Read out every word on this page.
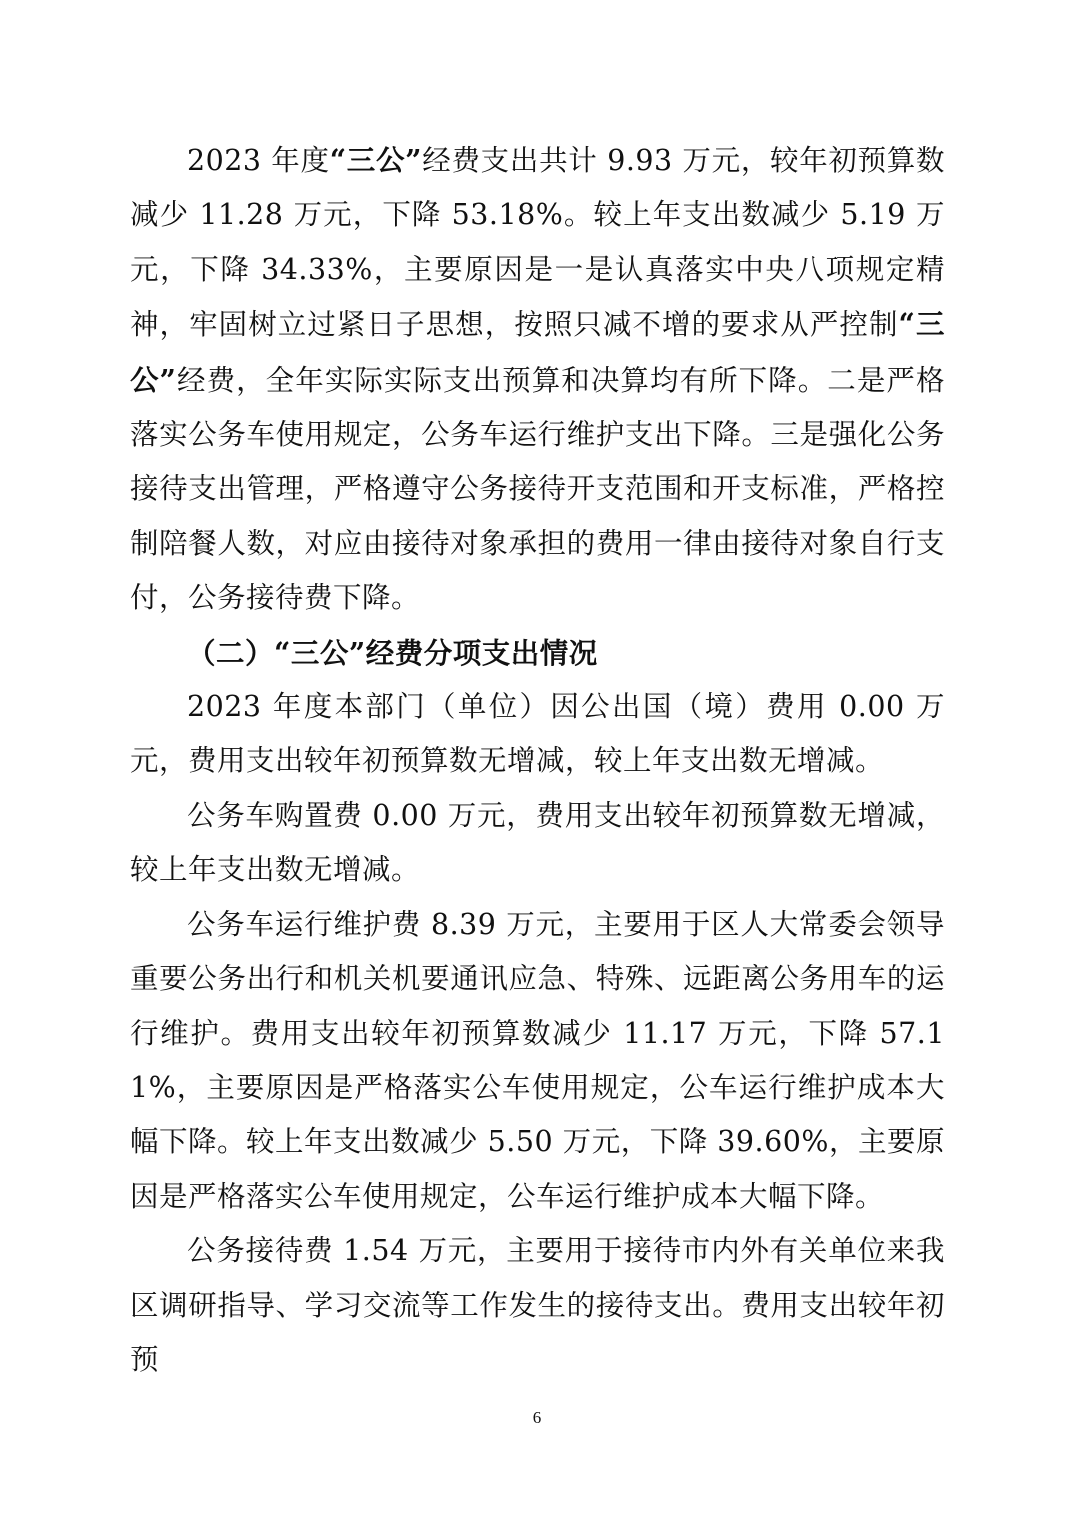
2023 年度“三公”经费支出共计 9.93 万元，较年初预算数减少 11.28 万元，下降 53.18%。较上年支出数减少 5.19 万元，下降 34.33%，主要原因是一是认真落实中央八项规定精神，牢固树立过紧日子思想，按照只减不增的要求从严控制“三公”经费，全年实际实际支出预算和决算均有所下降。二是严格落实公务车使用规定，公务车运行维护支出下降。三是强化公务接待支出管理，严格遵守公务接待开支范围和开支标准，严格控制陪餐人数，对应由接待对象承担的费用一律由接待对象自行支付，公务接待费下降。

（二）“三公”经费分项支出情况

2023 年度本部门（单位）因公出国（境）费用 0.00 万元，费用支出较年初预算数无增减，较上年支出数无增减。

公务车购置费 0.00 万元，费用支出较年初预算数无增减，较上年支出数无增减。

公务车运行维护费 8.39 万元，主要用于区人大常委会领导重要公务出行和机关机要通讯应急、特殊、远距离公务用车的运行维护。费用支出较年初预算数减少 11.17 万元，下降 57.11%，主要原因是严格落实公车使用规定，公车运行维护成本大幅下降。较上年支出数减少 5.50 万元，下降 39.60%，主要原因是严格落实公车使用规定，公车运行维护成本大幅下降。

公务接待费 1.54 万元，主要用于接待市内外有关单位来我区调研指导、学习交流等工作发生的接待支出。费用支出较年初预

6
